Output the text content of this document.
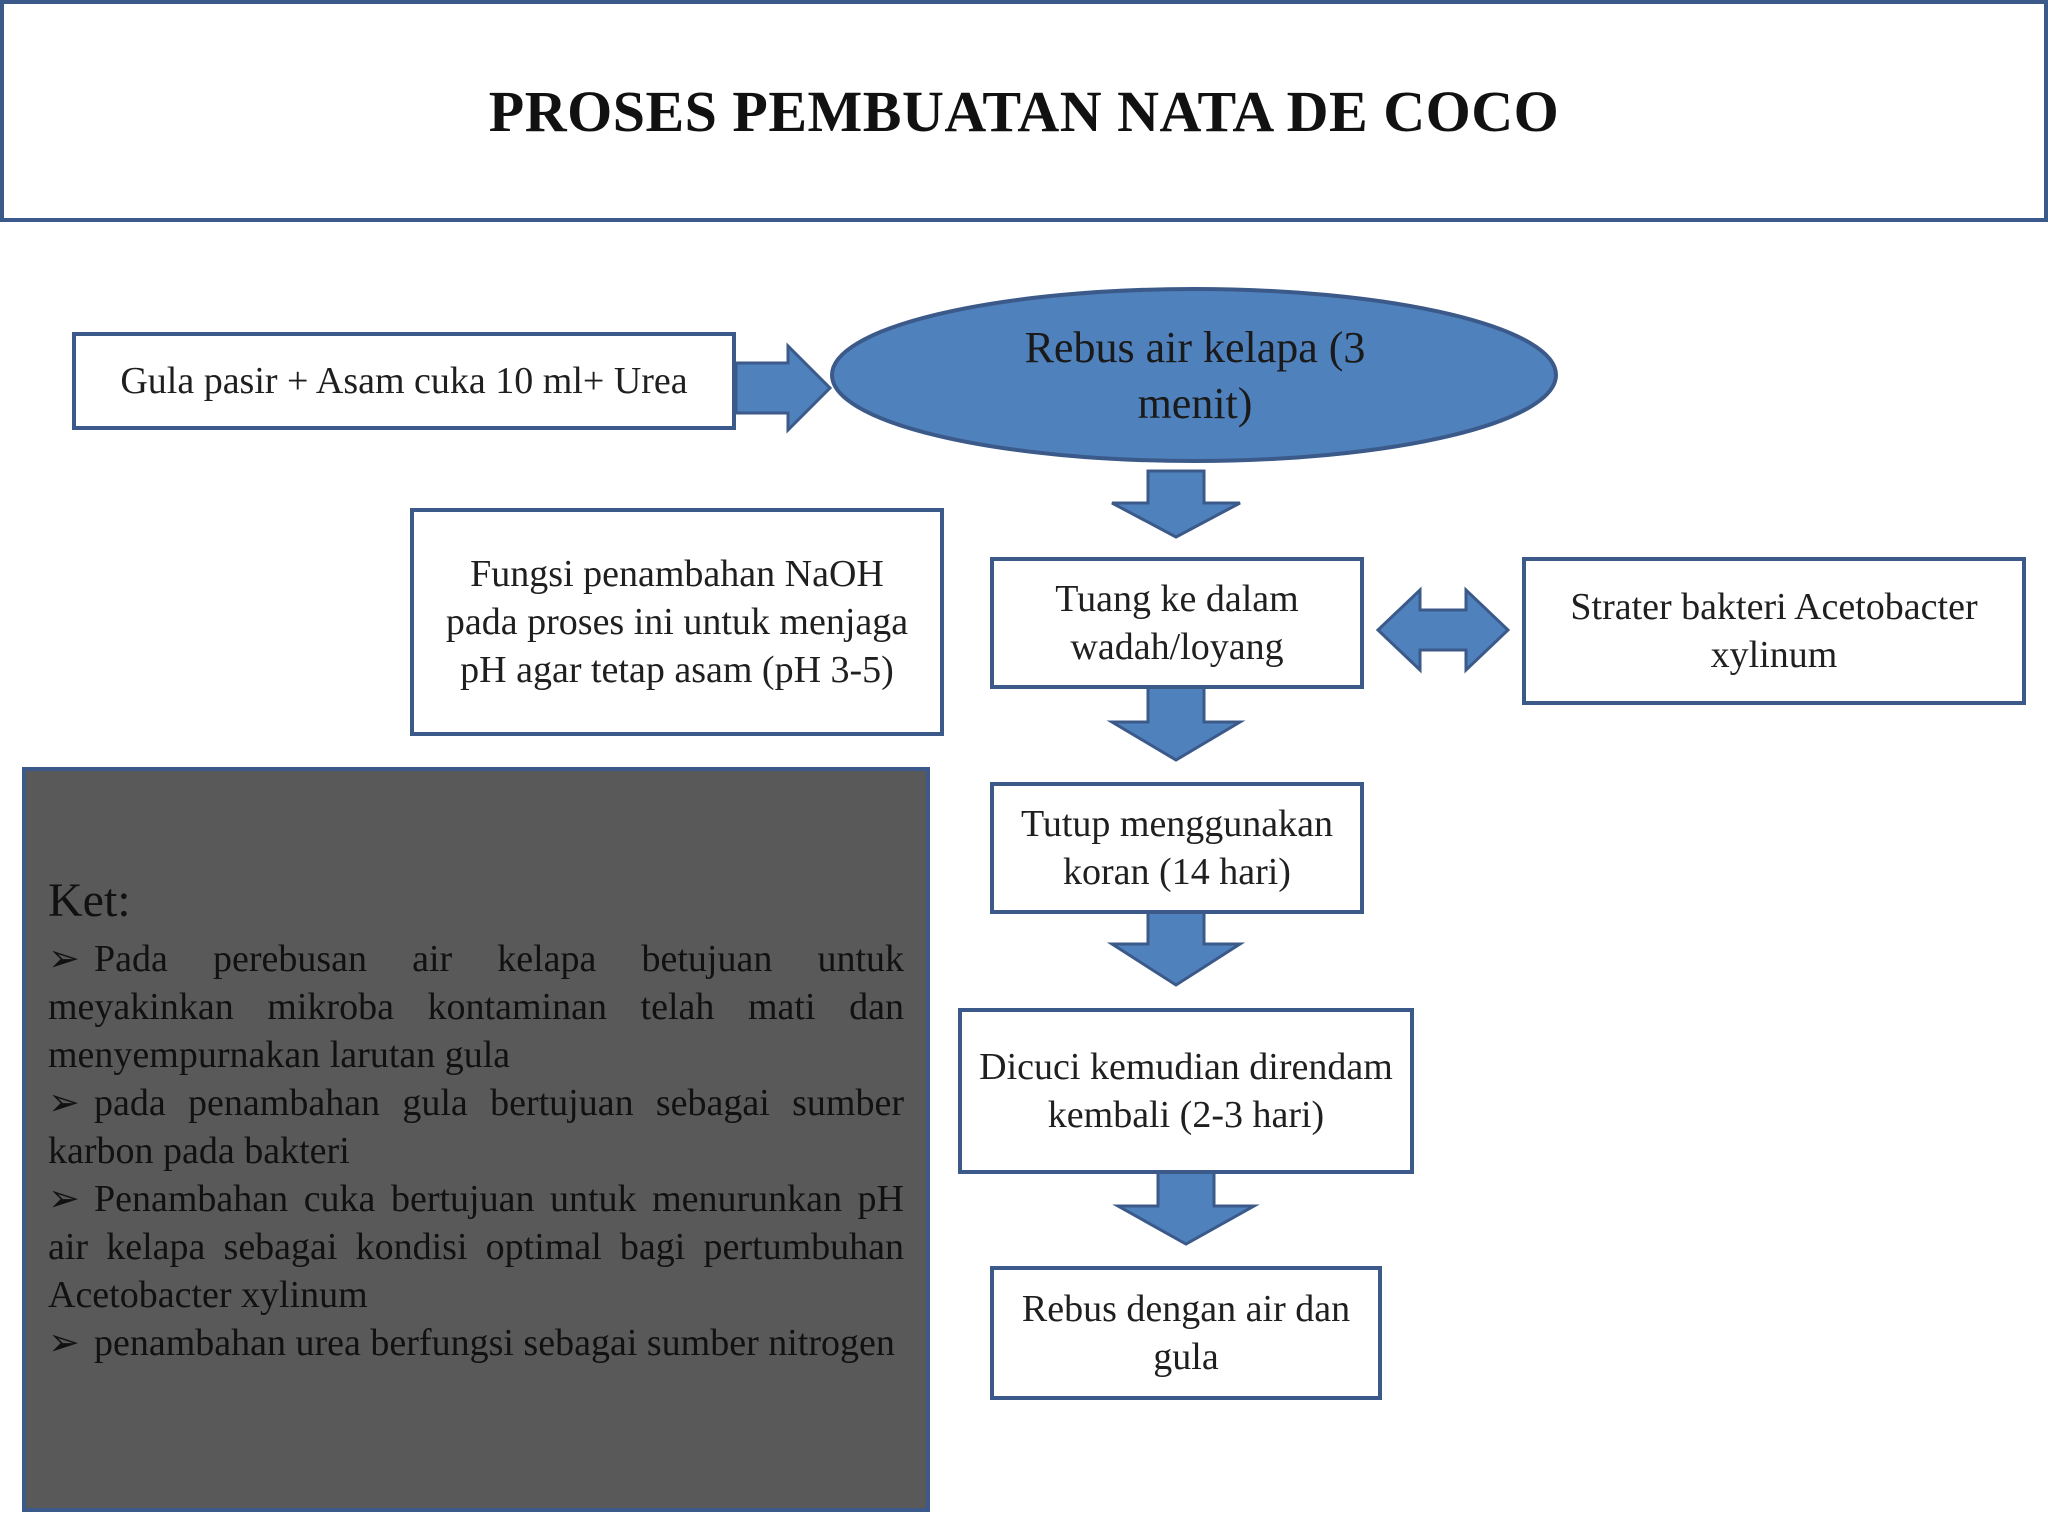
PROSES PEMBUATAN NATA DE COCO
Rebus air kelapa (3 menit)
Gula pasir + Asam cuka 10 ml+ Urea
Fungsi penambahan NaOH pada proses ini untuk menjaga pH agar tetap asam (pH 3-5)
Tuang ke dalam wadah/loyang
Strater bakteri Acetobacter xylinum
Tutup menggunakan koran (14 hari)
Dicuci kemudian direndam kembali (2-3 hari)
Rebus dengan air dan gula
Ket:

➢ Pada perebusan air kelapa betujuan untuk meyakinkan mikroba kontaminan telah mati dan menyempurnakan larutan gula

➢ pada penambahan gula bertujuan sebagai sumber karbon pada bakteri

➢ Penambahan cuka bertujuan untuk menurunkan pH air kelapa sebagai kondisi optimal bagi pertumbuhan Acetobacter xylinum

➢ penambahan urea berfungsi sebagai sumber nitrogen
